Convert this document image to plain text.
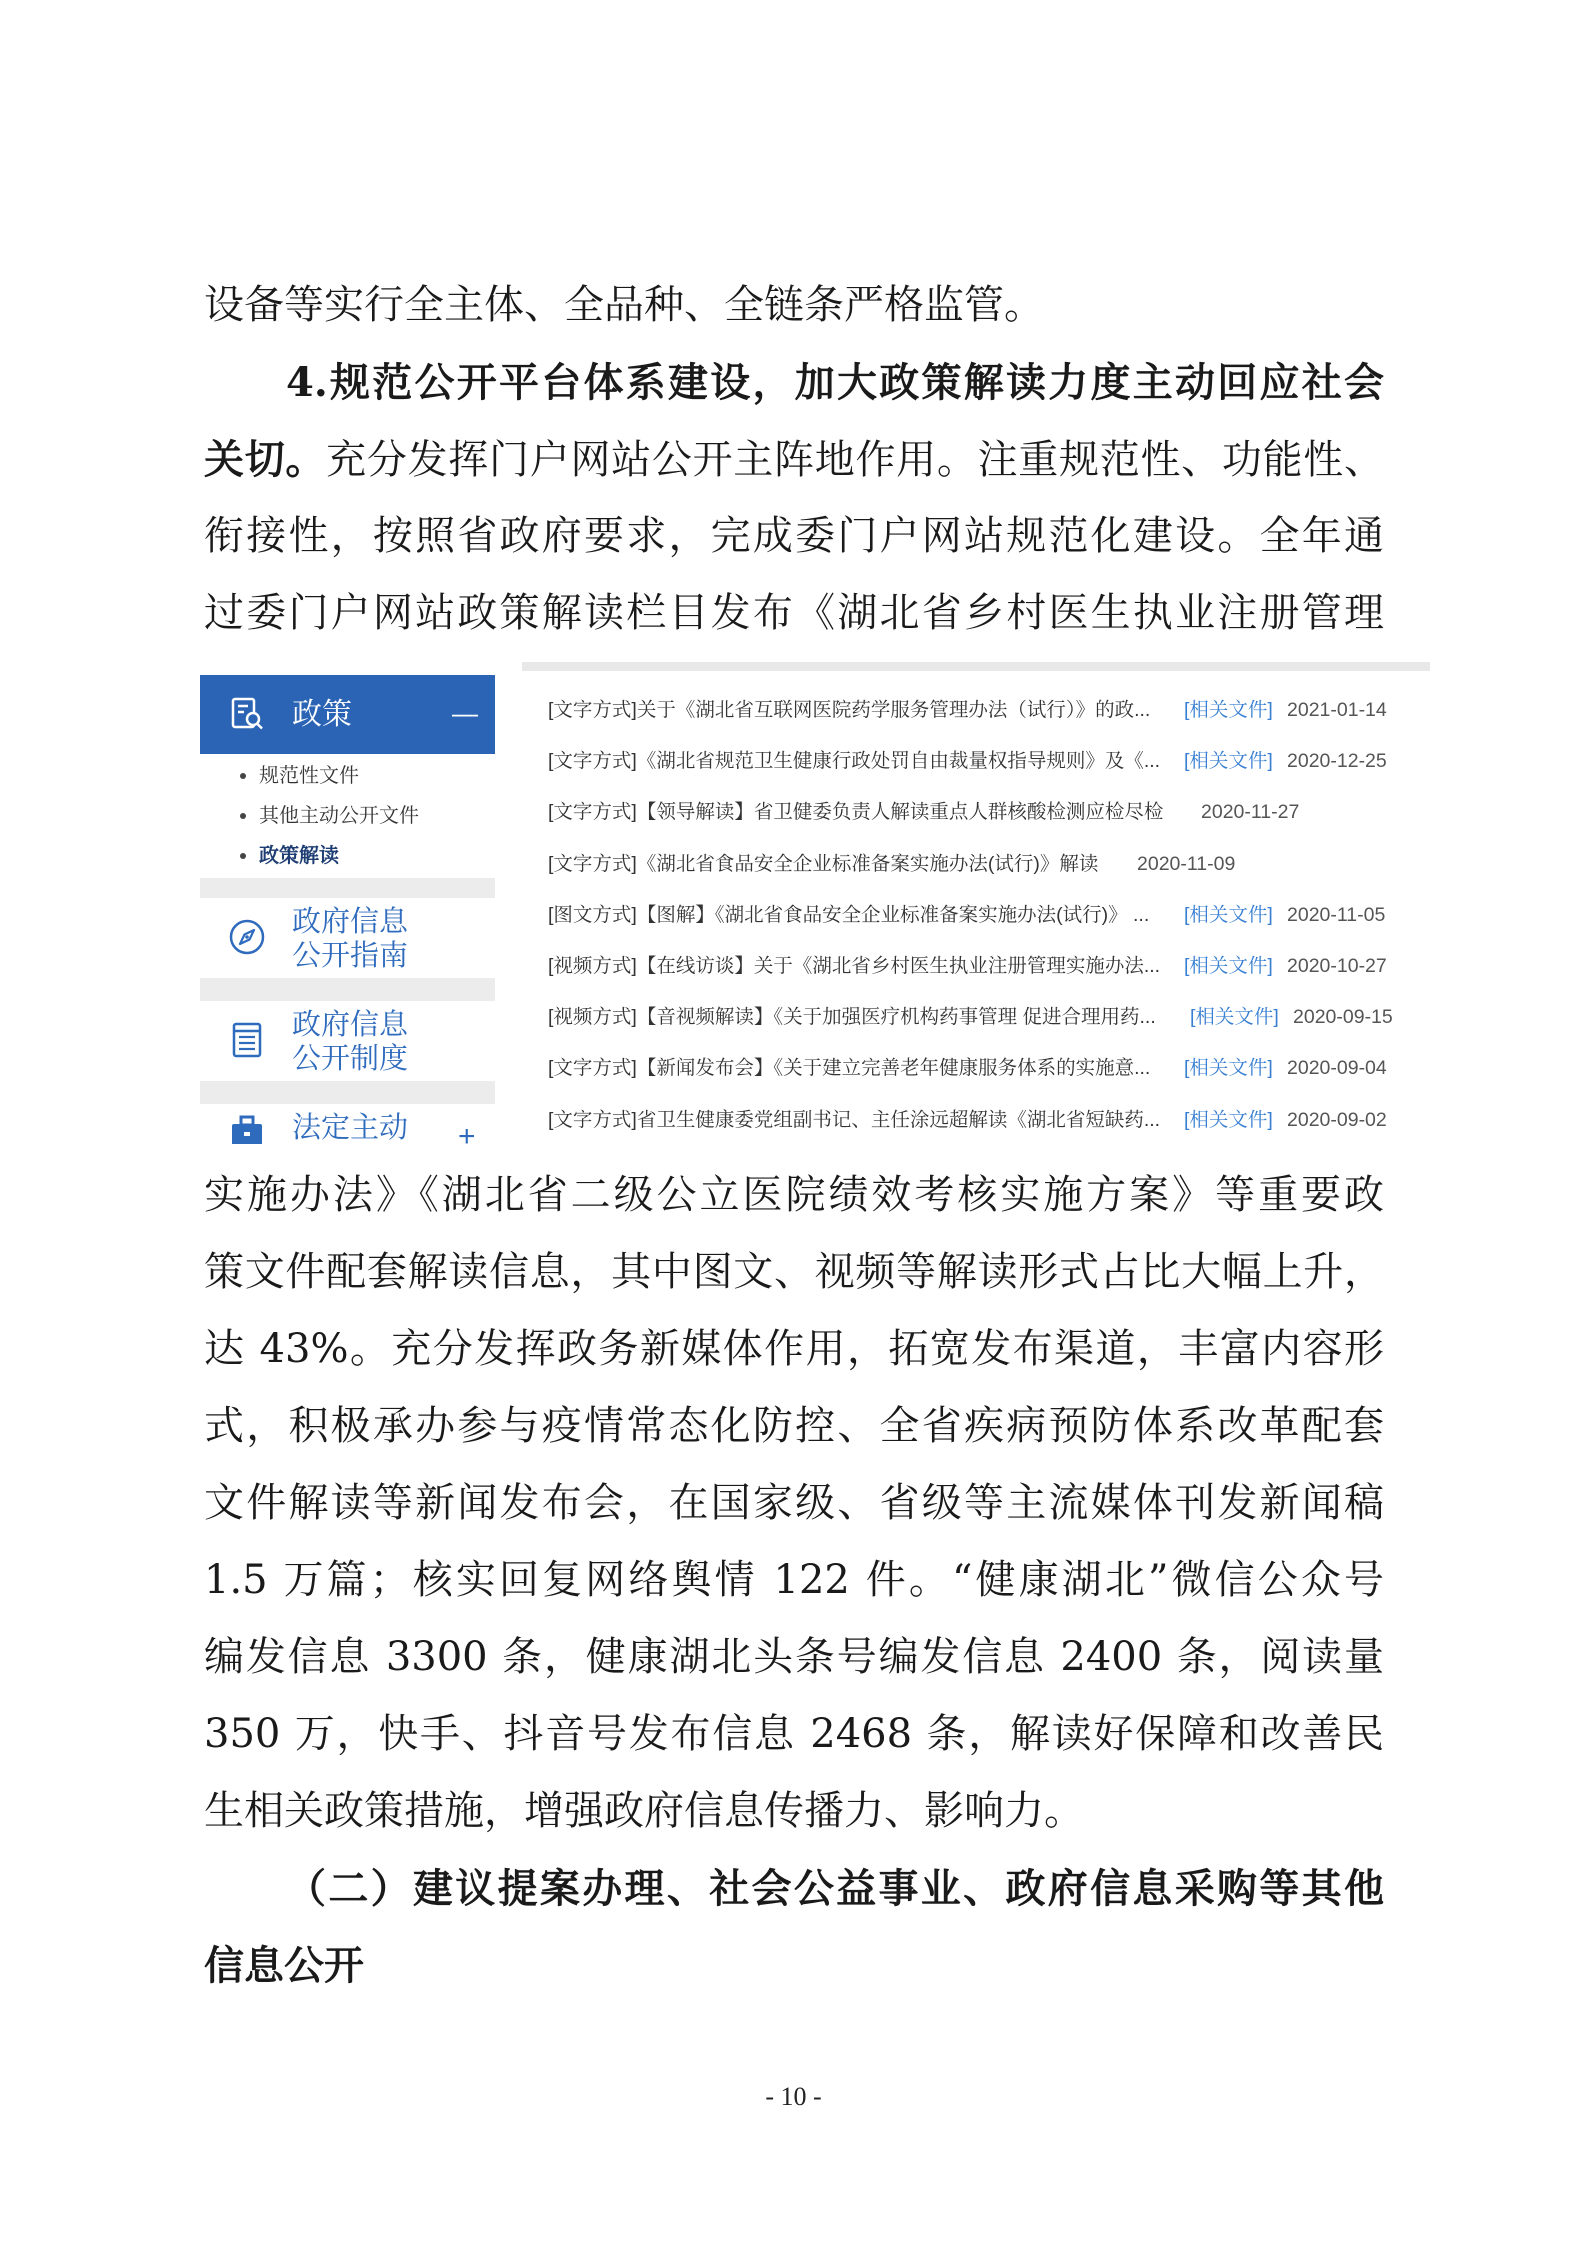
设备等实行全主体、全品种、全链条严格监管。
4.规范公开平台体系建设，加大政策解读力度主动回应社会
关切。充分发挥门户网站公开主阵地作用。注重规范性、功能性、
衔接性，按照省政府要求，完成委门户网站规范化建设。全年通
过委门户网站政策解读栏目发布《湖北省乡村医生执业注册管理
政策	—
规范性文件
其他主动公开文件
政策解读
政府信息
公开指南
政府信息
公开制度
法定主动 +
[文字方式]关于《湖北省互联网医院药学服务管理办法（试行）》的政...	[相关文件] 2021-01-14
[文字方式]《湖北省规范卫生健康行政处罚自由裁量权指导规则》及《...	[相关文件] 2020-12-25
[文字方式]【领导解读】省卫健委负责人解读重点人群核酸检测应检尽检 2020-11-27
[文字方式]《湖北省食品安全企业标准备案实施办法(试行)》解读 2020-11-09
[图文方式]【图解】《湖北省食品安全企业标准备案实施办法(试行)》 ...	[相关文件] 2020-11-05
[视频方式]【在线访谈】关于《湖北省乡村医生执业注册管理实施办法...	[相关文件] 2020-10-27
[视频方式]【音视频解读】《关于加强医疗机构药事管理 促进合理用药...	[相关文件] 2020-09-15
[文字方式]【新闻发布会】《关于建立完善老年健康服务体系的实施意...	[相关文件] 2020-09-04
[文字方式]省卫生健康委党组副书记、主任涂远超解读《湖北省短缺药...	[相关文件] 2020-09-02
实施办法》《湖北省二级公立医院绩效考核实施方案》等重要政
策文件配套解读信息，其中图文、视频等解读形式占比大幅上升，
达 43%。充分发挥政务新媒体作用，拓宽发布渠道，丰富内容形
式，积极承办参与疫情常态化防控、全省疾病预防体系改革配套
文件解读等新闻发布会，在国家级、省级等主流媒体刊发新闻稿
1.5 万篇；核实回复网络舆情 122 件。“健康湖北”微信公众号
编发信息 3300 条，健康湖北头条号编发信息 2400 条，阅读量
350 万，快手、抖音号发布信息 2468 条，解读好保障和改善民
生相关政策措施，增强政府信息传播力、影响力。
（二）建议提案办理、社会公益事业、政府信息采购等其他
信息公开
- 10 -
